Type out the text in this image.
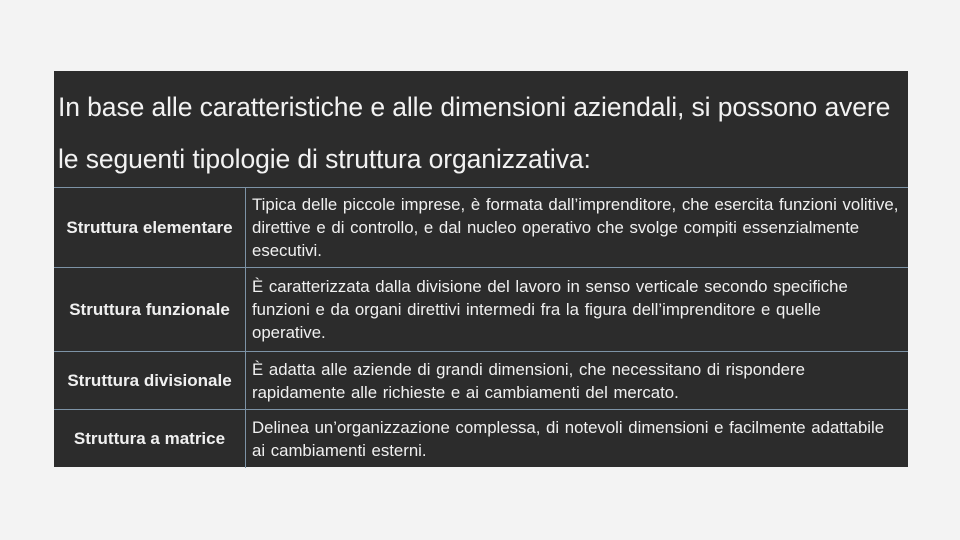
In base alle caratteristiche e alle dimensioni aziendali, si possono avere le seguenti tipologie di struttura organizzativa:
Struttura elementare	Tipica delle piccole imprese, è formata dall’imprenditore, che esercita funzioni volitive, direttive e di controllo, e dal nucleo operativo che svolge compiti essenzialmente esecutivi.
Struttura funzionale	È caratterizzata dalla divisione del lavoro in senso verticale secondo specifiche funzioni e da organi direttivi intermedi fra la figura dell’imprenditore e quelle operative.
Struttura divisionale	È adatta alle aziende di grandi dimensioni, che necessitano di rispondere rapidamente alle richieste e ai cambiamenti del mercato.
Struttura a matrice	Delinea un’organizzazione complessa, di notevoli dimensioni e facilmente adattabile ai cambiamenti esterni.
